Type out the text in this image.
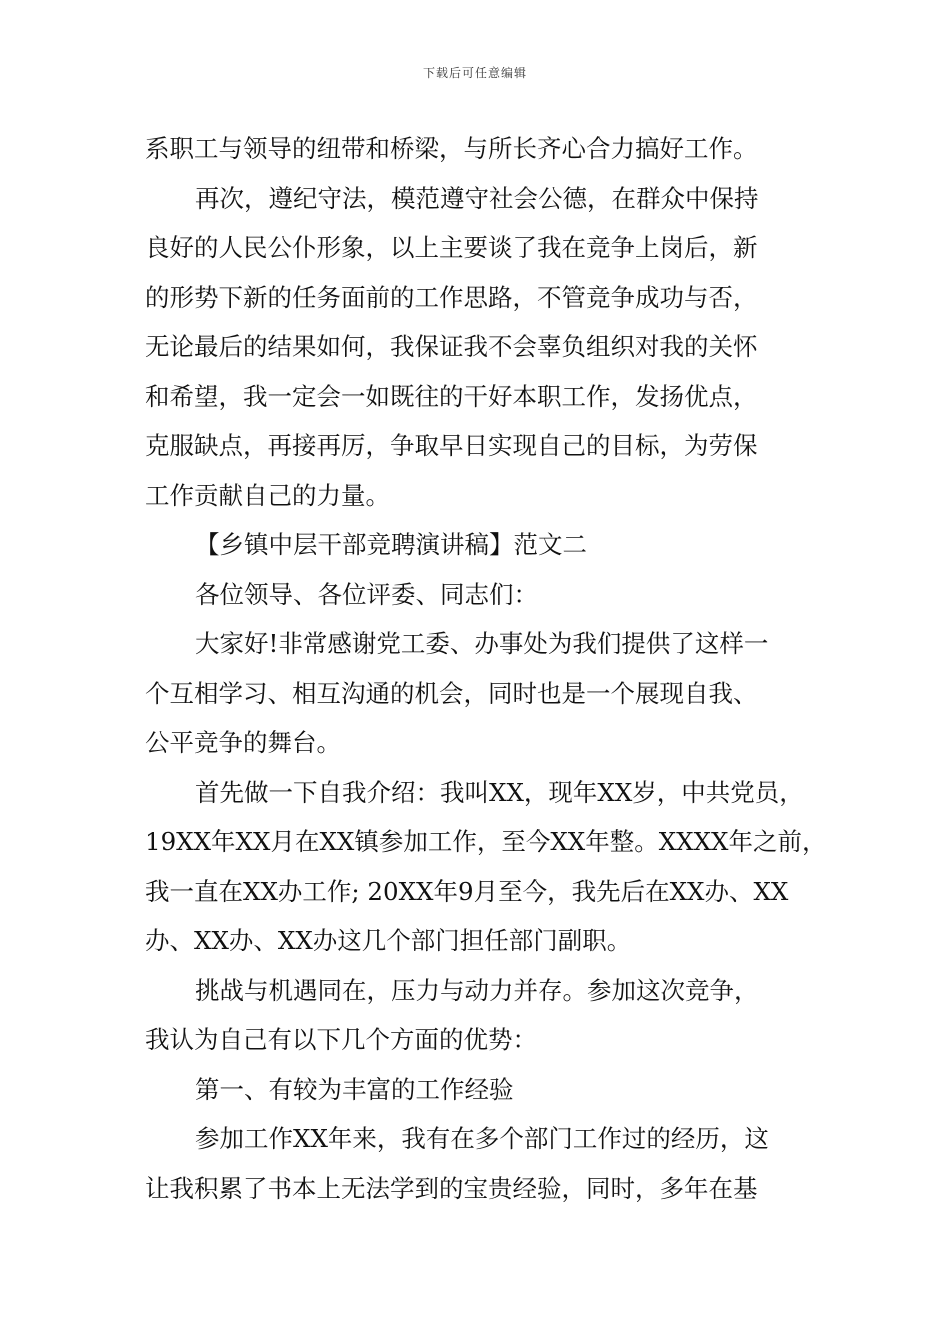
下载后可任意编辑
系职工与领导的纽带和桥梁，与所长齐心合力搞好工作。
再次，遵纪守法，模范遵守社会公德，在群众中保持
良好的人民公仆形象，以上主要谈了我在竞争上岗后，新
的形势下新的任务面前的工作思路，不管竞争成功与否，
无论最后的结果如何，我保证我不会辜负组织对我的关怀
和希望，我一定会一如既往的干好本职工作，发扬优点，
克服缺点，再接再厉，争取早日实现自己的目标，为劳保
工作贡献自己的力量。
【乡镇中层干部竞聘演讲稿】范文二
各位领导、各位评委、同志们：
大家好!非常感谢党工委、办事处为我们提供了这样一
个互相学习、相互沟通的机会，同时也是一个展现自我、
公平竞争的舞台。
首先做一下自我介绍：我叫XX，现年XX岁，中共党员，
19XX年XX月在XX镇参加工作，至今XX年整。XXXX年之前，
我一直在XX办工作; 20XX年9月至今，我先后在XX办、XX
办、XX办、XX办这几个部门担任部门副职。
挑战与机遇同在，压力与动力并存。参加这次竞争，
我认为自己有以下几个方面的优势：
第一、有较为丰富的工作经验
参加工作XX年来，我有在多个部门工作过的经历，这
让我积累了书本上无法学到的宝贵经验，同时，多年在基
